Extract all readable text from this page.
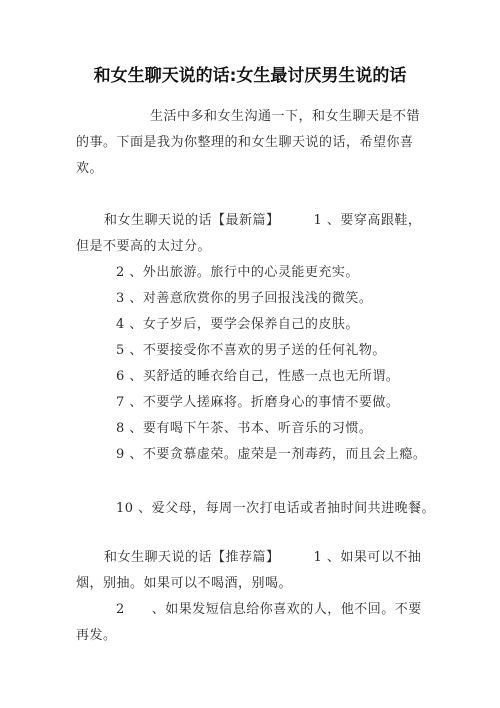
和女生聊天说的话:女生最讨厌男生说的话
生活中多和女生沟通一下，和女生聊天是不错的事。下面是我为你整理的和女生聊天说的话，希望你喜欢。
和女生聊天说的话【最新篇】	1 、要穿高跟鞋，但是不要高的太过分。
2 、外出旅游。旅行中的心灵能更充实。
3 、对善意欣赏你的男子回报浅浅的微笑。
4 、女子岁后，要学会保养自己的皮肤。
5 、不要接受你不喜欢的男子送的任何礼物。
6 、买舒适的睡衣给自己，性感一点也无所谓。
7 、不要学人搓麻将。折磨身心的事情不要做。
8 、要有喝下午茶、书本、听音乐的习惯。
9 、不要贪慕虚荣。虚荣是一剂毒药，而且会上瘾。
10 、爱父母，每周一次打电话或者抽时间共进晚餐。
和女生聊天说的话【推荐篇】	1 、如果可以不抽烟，别抽。如果可以不喝酒，别喝。
2　　、如果发短信息给你喜欢的人，他不回。不要再发。
